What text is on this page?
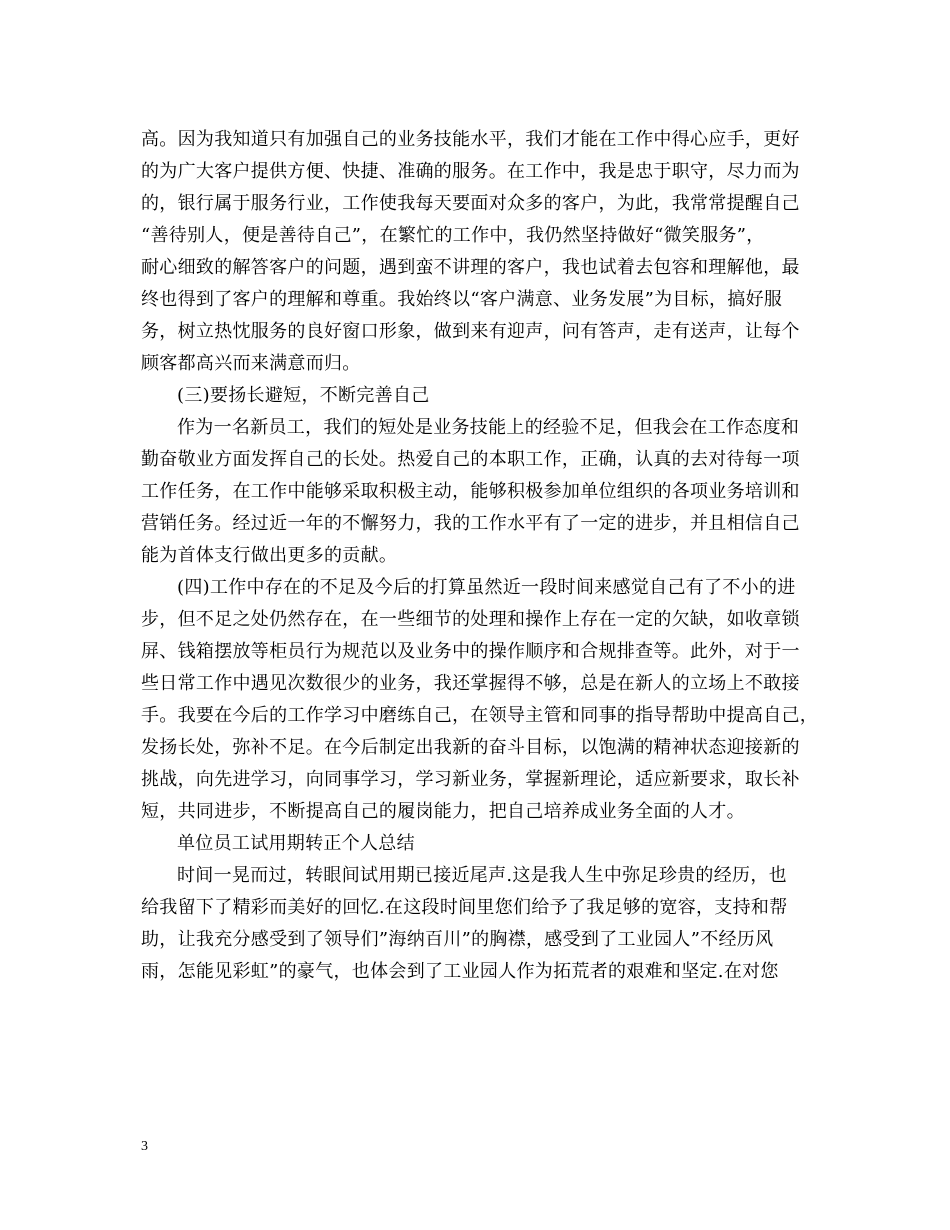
高。因为我知道只有加强自己的业务技能水平，我们才能在工作中得心应手，更好
的为广大客户提供方便、快捷、准确的服务。在工作中，我是忠于职守，尽力而为
的，银行属于服务行业，工作使我每天要面对众多的客户，为此，我常常提醒自己
“善待别人，便是善待自己”，在繁忙的工作中，我仍然坚持做好“微笑服务”，
耐心细致的解答客户的问题，遇到蛮不讲理的客户，我也试着去包容和理解他，最
终也得到了客户的理解和尊重。我始终以“客户满意、业务发展”为目标，搞好服
务，树立热忱服务的良好窗口形象，做到来有迎声，问有答声，走有送声，让每个
顾客都高兴而来满意而归。
(三)要扬长避短，不断完善自己
作为一名新员工，我们的短处是业务技能上的经验不足，但我会在工作态度和
勤奋敬业方面发挥自己的长处。热爱自己的本职工作，正确，认真的去对待每一项
工作任务，在工作中能够采取积极主动，能够积极参加单位组织的各项业务培训和
营销任务。经过近一年的不懈努力，我的工作水平有了一定的进步，并且相信自己
能为首体支行做出更多的贡献。
(四)工作中存在的不足及今后的打算虽然近一段时间来感觉自己有了不小的进
步，但不足之处仍然存在，在一些细节的处理和操作上存在一定的欠缺，如收章锁
屏、钱箱摆放等柜员行为规范以及业务中的操作顺序和合规排查等。此外，对于一
些日常工作中遇见次数很少的业务，我还掌握得不够，总是在新人的立场上不敢接
手。我要在今后的工作学习中磨练自己，在领导主管和同事的指导帮助中提高自己，
发扬长处，弥补不足。在今后制定出我新的奋斗目标，以饱满的精神状态迎接新的
挑战，向先进学习，向同事学习，学习新业务，掌握新理论，适应新要求，取长补
短，共同进步，不断提高自己的履岗能力，把自己培养成业务全面的人才。
单位员工试用期转正个人总结
时间一晃而过，转眼间试用期已接近尾声.这是我人生中弥足珍贵的经历，也
给我留下了精彩而美好的回忆.在这段时间里您们给予了我足够的宽容，支持和帮
助，让我充分感受到了领导们”海纳百川”的胸襟，感受到了工业园人”不经历风
雨，怎能见彩虹”的豪气，也体会到了工业园人作为拓荒者的艰难和坚定.在对您
3
